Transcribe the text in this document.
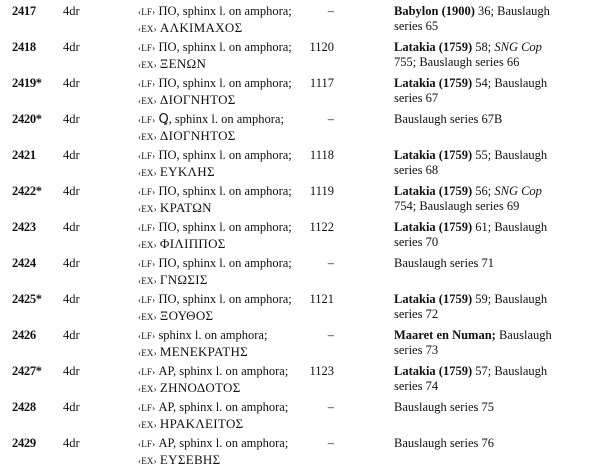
2417	4dr	‹LF› ΠΟ, sphinx l. on amphora;
‹EX› ΑΛΚΙΜΑΧΟΣ
–	Babylon (1900) 36; Bauslaugh
series 65
2418	4dr	‹LF› ΠΟ, sphinx l. on amphora;
‹EX› ΞΕΝΩΝ
1120	Latakia (1759) 58; SNG Cop
755; Bauslaugh series 66
2419*	4dr	‹LF› ΠΟ, sphinx l. on amphora;
‹EX› ΔΙΟΓΝΗΤΟΣ
1117	Latakia (1759) 54; Bauslaugh
series 67
2420*	4dr	‹LF› Ꝗ, sphinx l. on amphora;
‹EX› ΔΙΟΓΝΗΤΟΣ
–	Bauslaugh series 67B
2421	4dr	‹LF› ΠΟ, sphinx l. on amphora;
‹EX› ΕΥΚΛΗΣ
1118	Latakia (1759) 55; Bauslaugh
series 68
2422*	4dr	‹LF› ΠΟ, sphinx l. on amphora;
‹EX› ΚΡΑΤΩΝ
1119	Latakia (1759) 56; SNG Cop
754; Bauslaugh series 69
2423	4dr	‹LF› ΠΟ, sphinx l. on amphora;
‹EX› ΦΙΛΙΠΠΟΣ
1122	Latakia (1759) 61; Bauslaugh
series 70
2424	4dr	‹LF› ΠΟ, sphinx l. on amphora;
‹EX› ΓΝΩΣΙΣ
–	Bauslaugh series 71
2425*	4dr	‹LF› ΠΟ, sphinx l. on amphora;
‹EX› ΞΟΥΘΟΣ
1121	Latakia (1759) 59; Bauslaugh
series 72
2426	4dr	‹LF› sphinx l. on amphora;
‹EX› ΜΕΝΕΚΡΑΤΗΣ
–	Maaret en Numan; Bauslaugh
series 73
2427*	4dr	‹LF› ΑΡ, sphinx l. on amphora;
‹EX› ΖΗΝΟΔΟΤΟΣ
1123	Latakia (1759) 57; Bauslaugh
series 74
2428	4dr	‹LF› ΑΡ, sphinx l. on amphora;
‹EX› ΗΡΑΚΛΕΙΤΟΣ
–	Bauslaugh series 75
2429	4dr	‹LF› ΑΡ, sphinx l. on amphora;
‹EX› ΕΥΣΕΒΗΣ
–	Bauslaugh series 76
